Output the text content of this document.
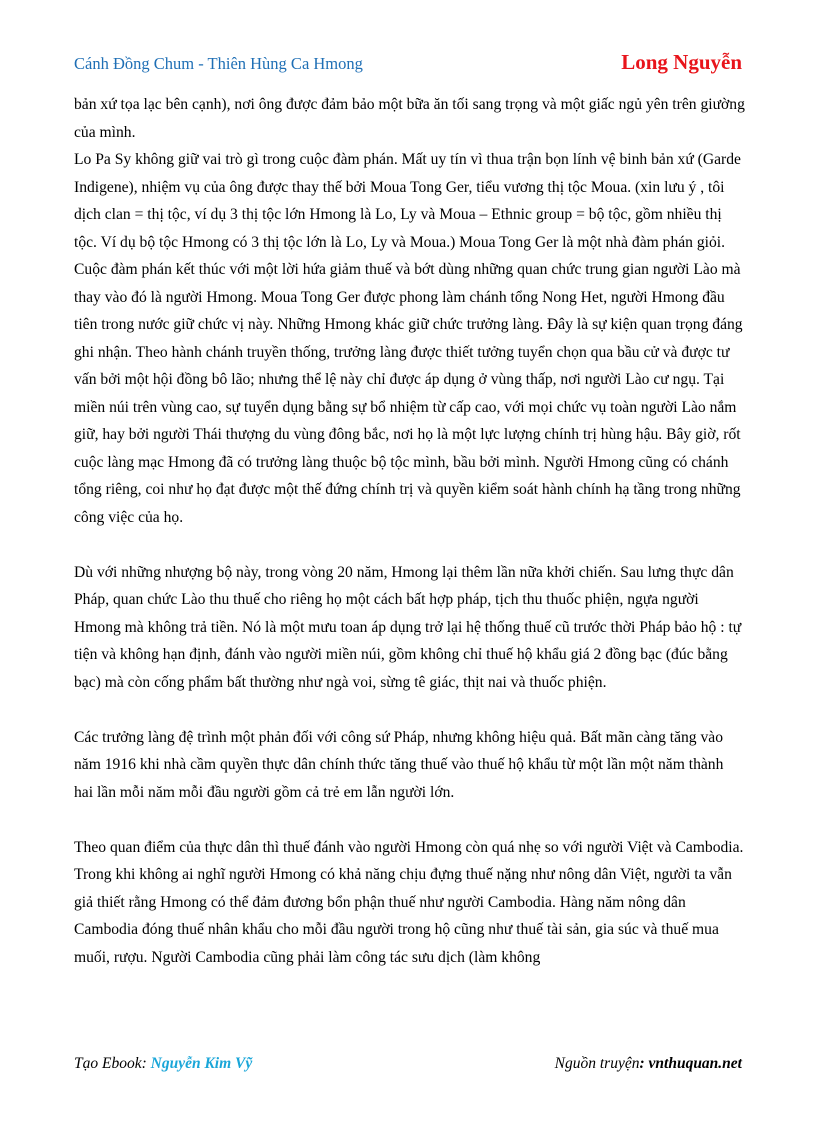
Cánh Đồng Chum - Thiên Hùng Ca Hmong	Long Nguyễn

bản xứ tọa lạc bên cạnh), nơi ông được đảm bảo một bữa ăn tối sang trọng và một giấc ngủ yên trên giường của mình.

Lo Pa Sy không giữ vai trò gì trong cuộc đàm phán. Mất uy tín vì thua trận bọn lính vệ binh bản xứ (Garde Indigene), nhiệm vụ của ông được thay thế bởi Moua Tong Ger, tiểu vương thị tộc Moua. (xin lưu ý , tôi dịch clan = thị tộc, ví dụ 3 thị tộc lớn Hmong là Lo, Ly và Moua – Ethnic group = bộ tộc, gồm nhiều thị tộc. Ví dụ bộ tộc Hmong có 3 thị tộc lớn là Lo, Ly và Moua.) Moua Tong Ger là một nhà đàm phán giỏi. Cuộc đàm phán kết thúc với một lời hứa giảm thuế và bớt dùng những quan chức trung gian người Lào mà thay vào đó là người Hmong. Moua Tong Ger được phong làm chánh tổng Nong Het, người Hmong đầu tiên trong nước giữ chức vị này. Những Hmong khác giữ chức trưởng làng. Đây là sự kiện quan trọng đáng ghi nhận. Theo hành chánh truyền thống, trưởng làng được thiết tưởng tuyển chọn qua bầu cử và được tư vấn bởi một hội đồng bô lão; nhưng thể lệ này chỉ được áp dụng ở vùng thấp, nơi người Lào cư ngụ. Tại miền núi trên vùng cao, sự tuyển dụng bằng sự bổ nhiệm từ cấp cao, với mọi chức vụ toàn người Lào nắm giữ, hay bởi người Thái thượng du vùng đông bắc, nơi họ là một lực lượng chính trị hùng hậu. Bây giờ, rốt cuộc làng mạc Hmong đã có trưởng làng thuộc bộ tộc mình, bầu bởi mình. Người Hmong cũng có chánh tổng riêng, coi như họ đạt được một thế đứng chính trị và quyền kiểm soát hành chính hạ tầng trong những công việc của họ.

Dù với những nhượng bộ này, trong vòng 20 năm, Hmong lại thêm lần nữa khởi chiến. Sau lưng thực dân Pháp, quan chức Lào thu thuế cho riêng họ một cách bất hợp pháp, tịch thu thuốc phiện, ngựa người Hmong mà không trả tiền. Nó là một mưu toan áp dụng trở lại hệ thống thuế cũ trước thời Pháp bảo hộ : tự tiện và không hạn định, đánh vào người miền núi, gồm không chỉ thuế hộ khẩu giá 2 đồng bạc (đúc bằng bạc) mà còn cống phẩm bất thường như ngà voi, sừng tê giác, thịt nai và thuốc phiện.

Các trưởng làng đệ trình một phản đối với công sứ Pháp, nhưng không hiệu quả. Bất mãn càng tăng vào năm 1916 khi nhà cầm quyền thực dân chính thức tăng thuế vào thuế hộ khẩu từ một lần một năm thành hai lần mỗi năm mỗi đầu người gồm cả trẻ em lẫn người lớn.

Theo quan điểm của thực dân thì thuế đánh vào người Hmong còn quá nhẹ so với người Việt và Cambodia. Trong khi không ai nghĩ người Hmong có khả năng chịu đựng thuế nặng như nông dân Việt, người ta vẫn giả thiết rằng Hmong có thể đảm đương bổn phận thuế như người Cambodia. Hàng năm nông dân Cambodia đóng thuế nhân khẩu cho mỗi đầu người trong hộ cũng như thuế tài sản, gia súc và thuế mua muối, rượu. Người Cambodia cũng phải làm công tác sưu dịch (làm không

Tạo Ebook: Nguyễn Kim Vỹ	Nguồn truyện: vnthuquan.net
